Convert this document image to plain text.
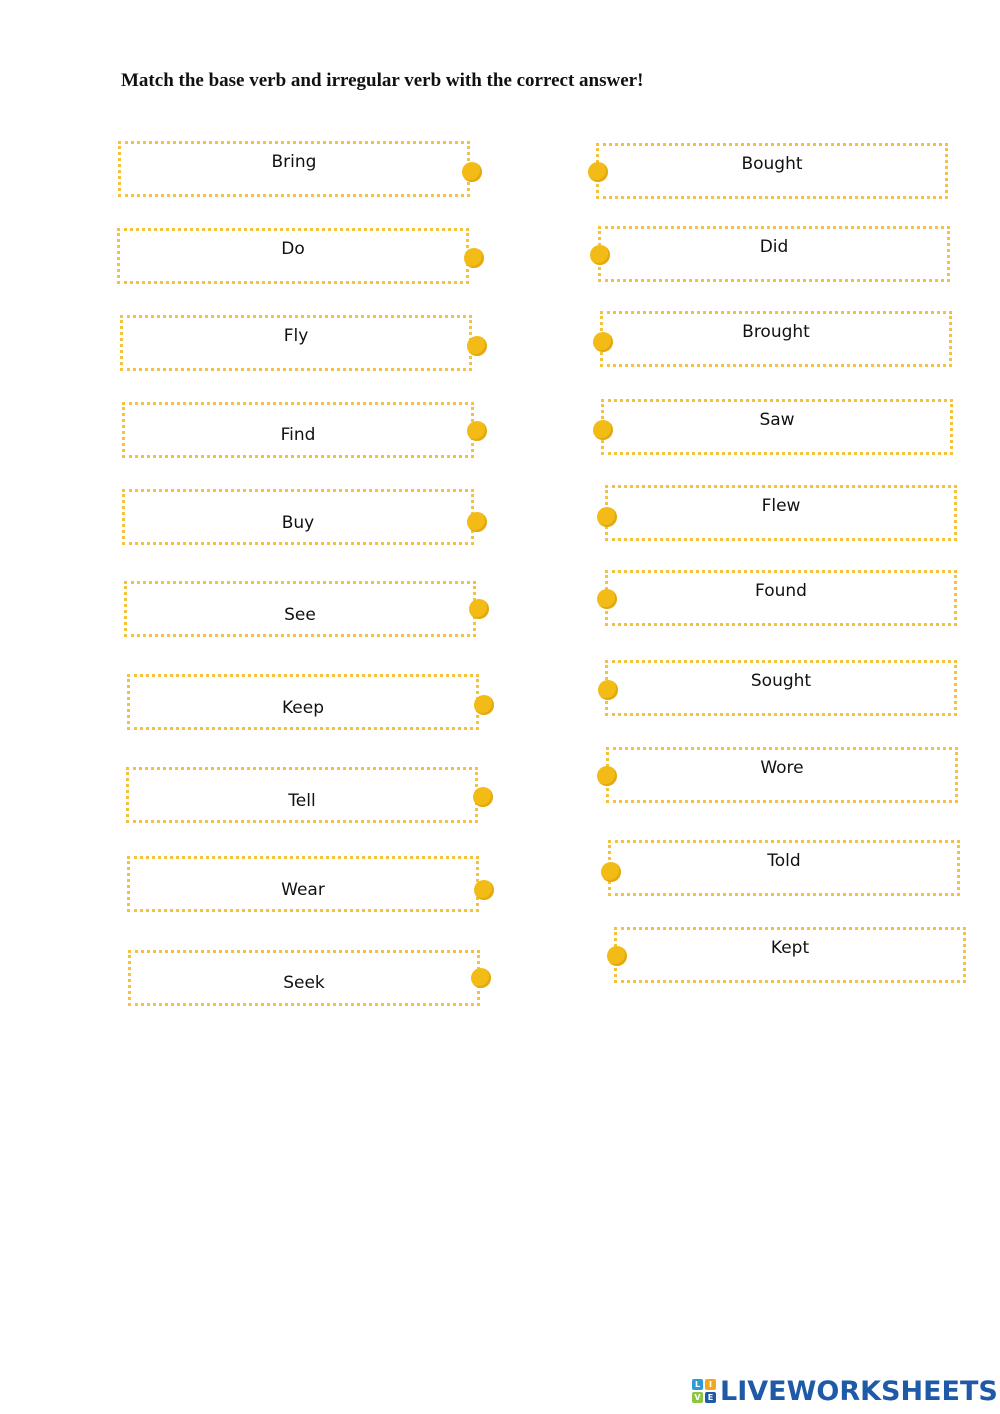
Match the base verb and irregular verb with the correct answer!
Bring
Do
Fly
Find
Buy
See
Keep
Tell
Wear
Seek
Bought
Did
Brought
Saw
Flew
Found
Sought
Wore
Told
Kept
L	I
V E LIVEWORKSHEETS
